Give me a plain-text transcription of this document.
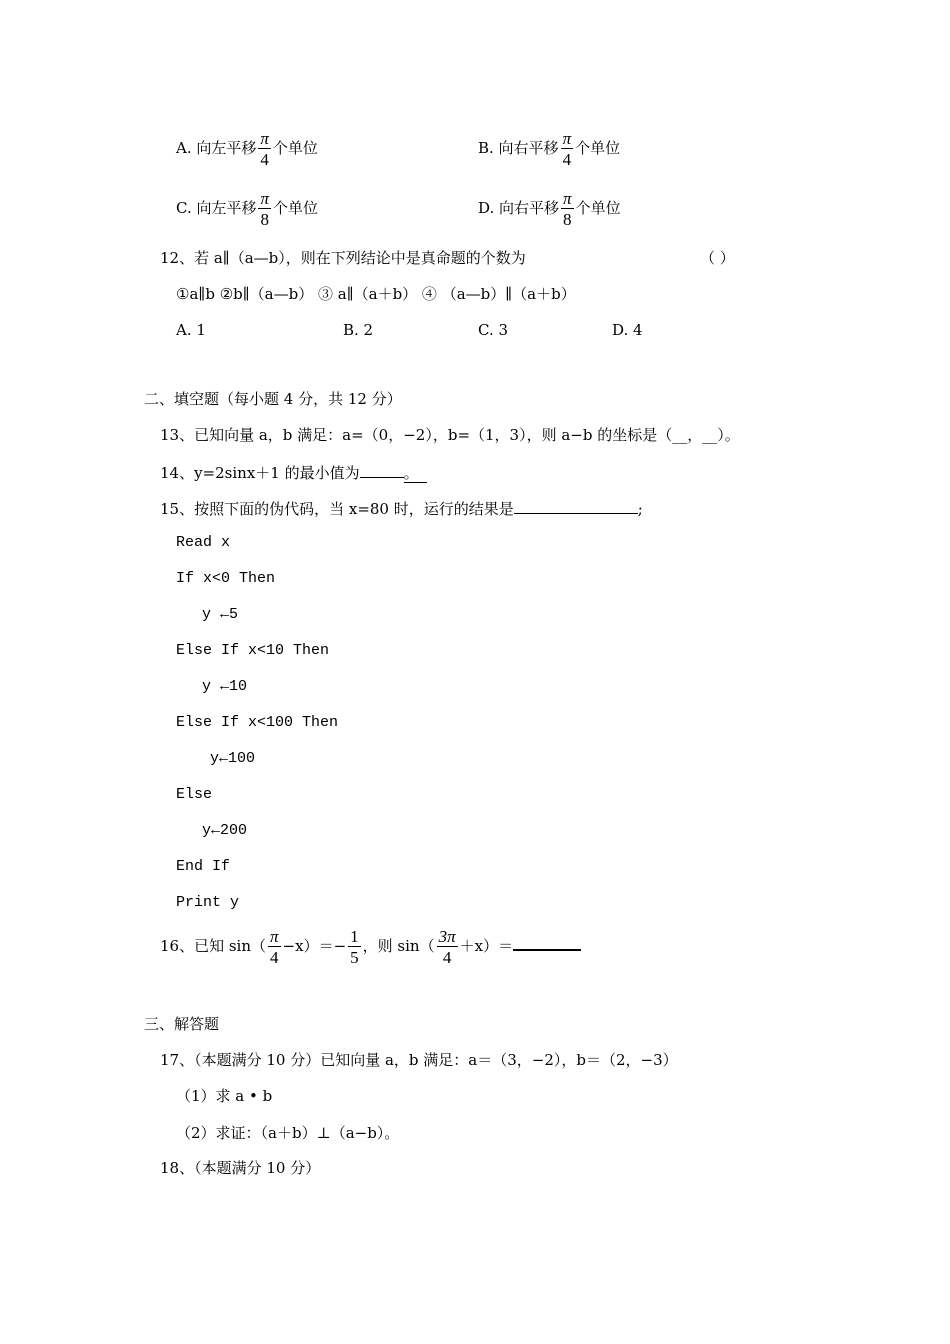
A. 向左平移 $\frac{\pi}{4}$ 个单位	B. 向右平移 $\frac{\pi}{4}$ 个单位
C. 向左平移 $\frac{\pi}{8}$ 个单位	D. 向右平移 $\frac{\pi}{8}$ 个单位
12、若 a∥（a—b），则在下列结论中是真命题的个数为	（ ）
①a∥b ②b∥（a—b） ③ a∥（a＋b） ④ （a—b）∥（a＋b）
A. 1	B. 2	C. 3	D. 4
二、填空题（每小题 4 分，共 12 分）
13、已知向量 a，b 满足：a=（0，−2），b=（1，3），则 a−b 的坐标是（__，__）。
14、y=2sinx＋1 的最小值为	。
15、按照下面的伪代码，当 x=80 时，运行的结果是	;
Read x
If x<0 Then
y ←5
Else If x<10 Then
y ←10
Else If x<100 Then
y←100
Else
y←200
End If
Print y
16、已知 $\sin( \frac{\pi}{4} -x)=- \frac{1}{5}$ ，则 $\sin( \frac{3\pi}{4} +x)=$
三、解答题
17、（本题满分 10 分）已知向量 a，b 满足：a＝（3，−2），b＝（2，−3）
（1）求 a • b
（2）求证：（a＋b）⊥（a−b）。
18、（本题满分 10 分）
